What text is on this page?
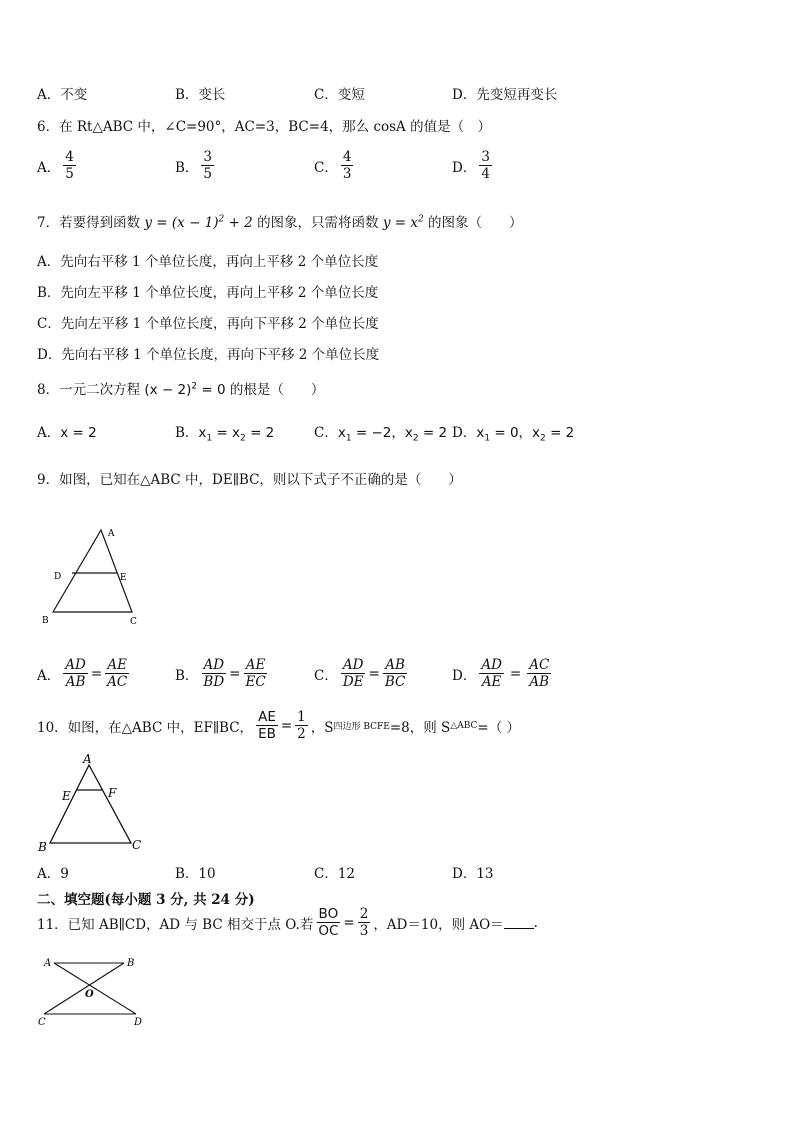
A．不变	B．变长	C．变短	D．先变短再变长
6．在 Rt△ABC 中，∠C=90°，AC=3，BC=4，那么 cosA 的值是（　）
A． $\frac{4}{5}$	B． $\frac{3}{5}$	C． $\frac{4}{3}$	D． $\frac{3}{4}$
7．若要得到函数 $y = (x - 1)^2 + 2$ 的图象，只需将函数 $y = x^2$ 的图象（　　）
A．先向右平移 1 个单位长度，再向上平移 2 个单位长度
B．先向左平移 1 个单位长度，再向上平移 2 个单位长度
C．先向左平移 1 个单位长度，再向下平移 2 个单位长度
D．先向右平移 1 个单位长度，再向下平移 2 个单位长度
8．一元二次方程 $(x - 2)^2 = 0$ 的根是（　　）
A．x = 2	B．$x_1 = x_2 = 2$	C．$x_1 = -2$，$x_2 = 2$ D．$x_1 = 0$，$x_2 = 2$
9．如图，已知在△ABC 中，DE∥BC，则以下式子不正确的是（　　）
A
D	E
B	C
A． $\frac{AD}{AB} = \frac{AE}{AC}$	B． $\frac{AD}{BD} = \frac{AE}{EC}$	C． $\frac{AD}{DE} = \frac{AB}{BC}$	D． $\frac{AD}{AE} = \frac{AC}{AB}$
10．如图，在△ABC 中，EF∥BC， $\frac{AE}{EB} = \frac{1}{2}$ ，S 四边形 BCFE =8，则 S △ABC =（ ）
A
E	F
B	C
A．9	B．10	C．12	D．13
二、填空题(每小题 3 分, 共 24 分)
11．已知 AB∥CD，AD 与 BC 相交于点 O.若 $\frac{BO}{OC} = \frac{2}{3}$ ，AD＝10，则 AO＝ .
A	B
O
C	D
